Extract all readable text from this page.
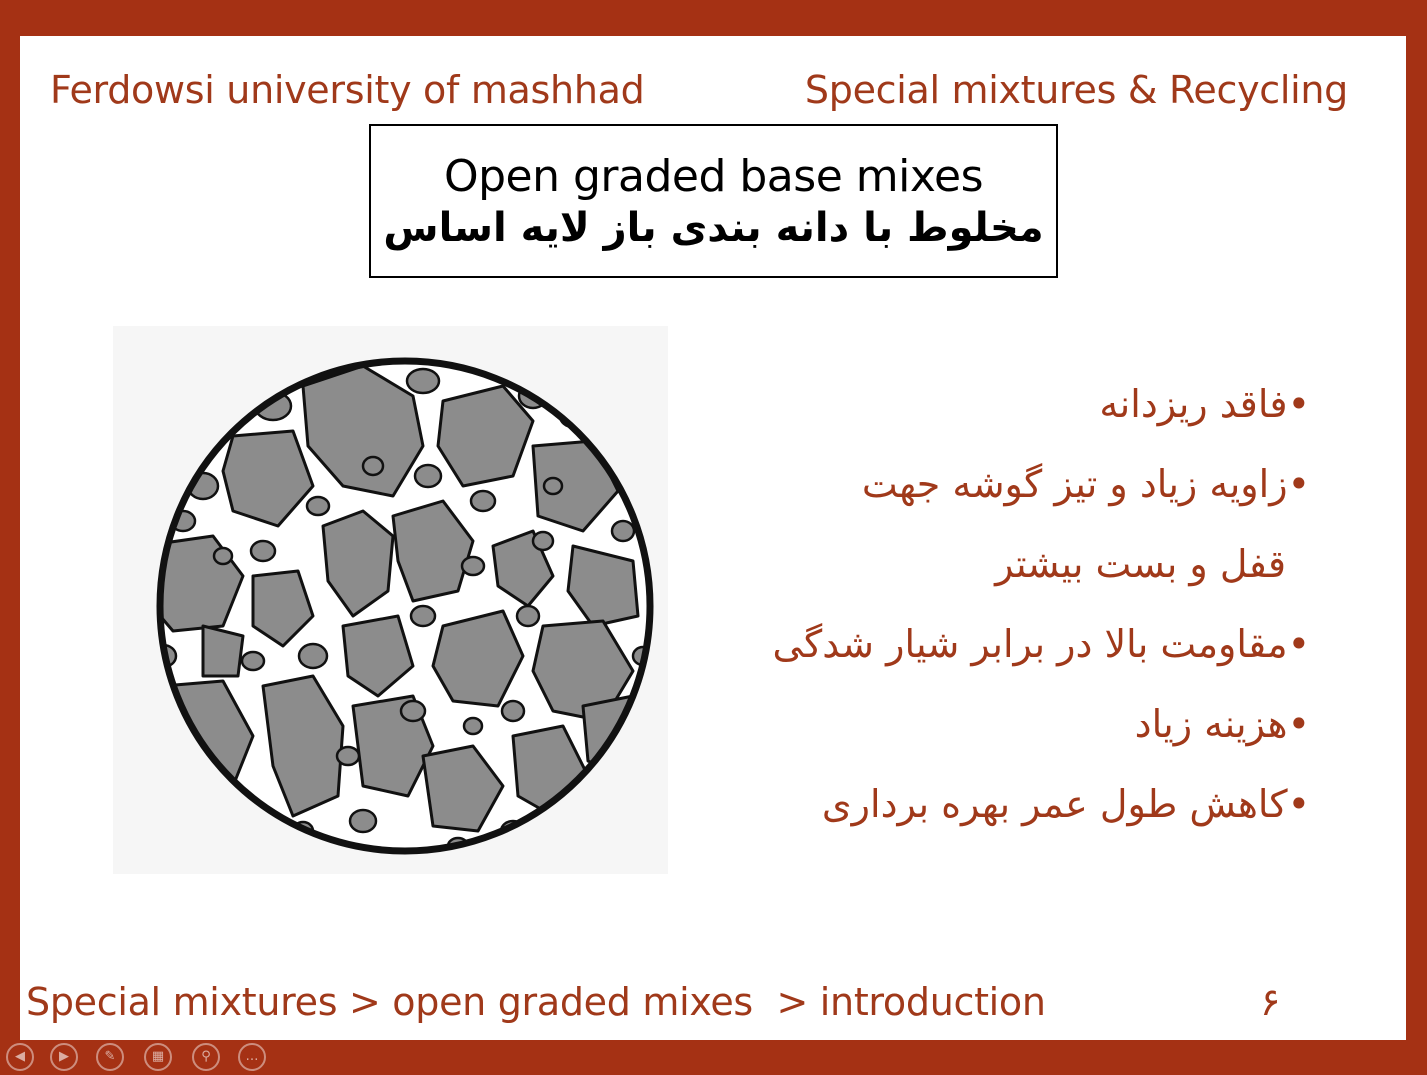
Ferdowsi university of mashhad	Special mixtures & Recycling
Open graded base mixes
مخلوط با دانه بندی باز لایه اساس
•فاقد ریزدانه
•زاویه زیاد و تیز گوشه جهت
قفل و بست بیشتر
•مقاومت بالا در برابر شیار شدگی
•هزینه زیاد
•کاهش طول عمر بهره برداری
Special mixtures > open graded mixes  > introduction	۶
◀	▶	✎	▦	⚲	…
